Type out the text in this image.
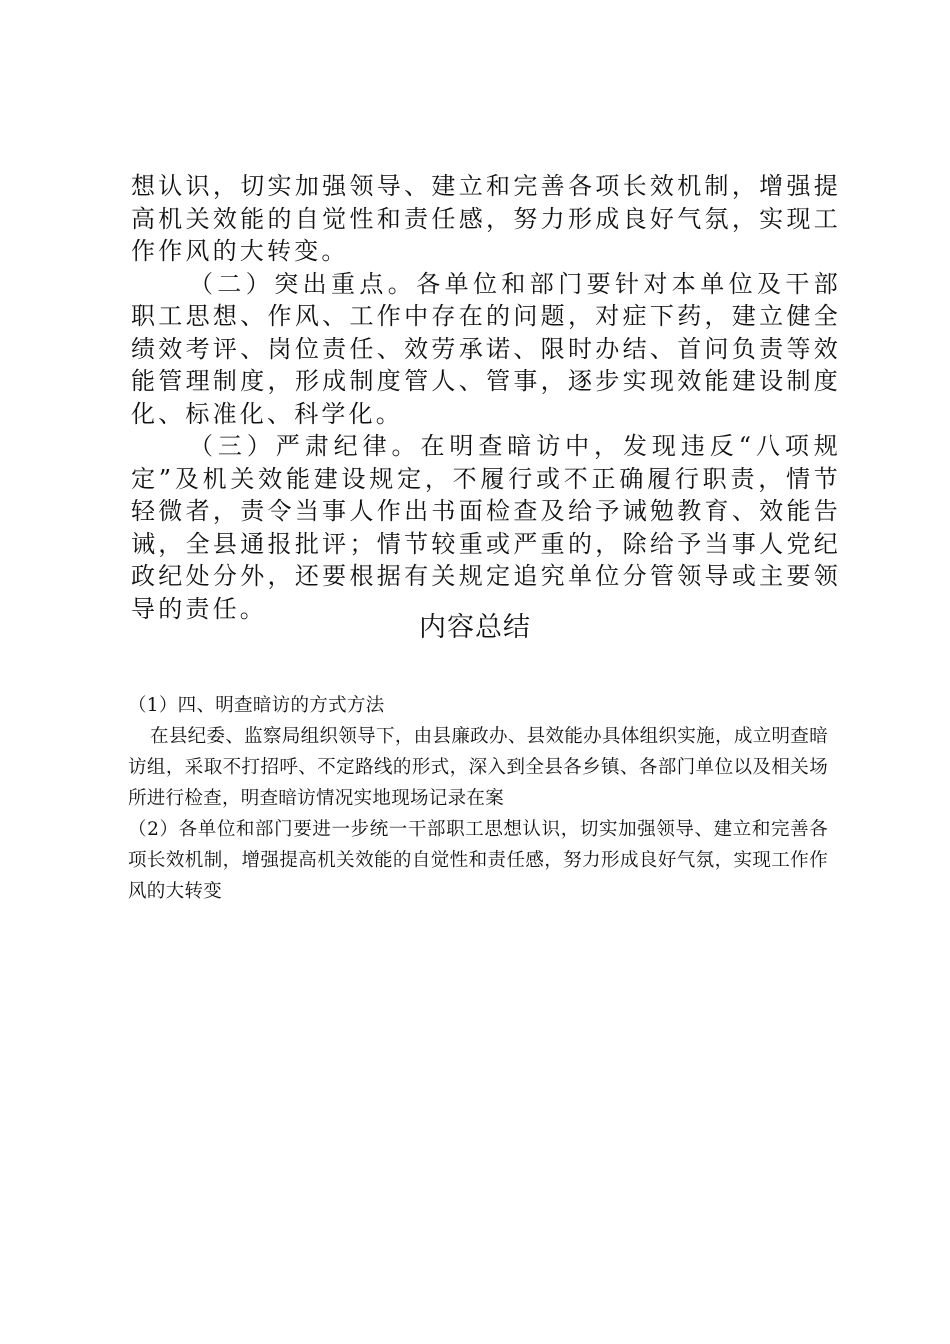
想认识，切实加强领导、建立和完善各项长效机制，增强提高机关效能的自觉性和责任感，努力形成良好气氛，实现工作作风的大转变。

（二）突出重点。各单位和部门要针对本单位及干部职工思想、作风、工作中存在的问题，对症下药，建立健全绩效考评、岗位责任、效劳承诺、限时办结、首问负责等效能管理制度，形成制度管人、管事，逐步实现效能建设制度化、标准化、科学化。

（三）严肃纪律。在明查暗访中，发现违反“八项规定”及机关效能建设规定，不履行或不正确履行职责，情节轻微者，责令当事人作出书面检查及给予诫勉教育、效能告诫，全县通报批评；情节较重或严重的，除给予当事人党纪政纪处分外，还要根据有关规定追究单位分管领导或主要领导的责任。

内容总结

（1）四、明查暗访的方式方法

在县纪委、监察局组织领导下，由县廉政办、县效能办具体组织实施，成立明查暗访组，采取不打招呼、不定路线的形式，深入到全县各乡镇、各部门单位以及相关场所进行检查，明查暗访情况实地现场记录在案

（2）各单位和部门要进一步统一干部职工思想认识，切实加强领导、建立和完善各项长效机制，增强提高机关效能的自觉性和责任感，努力形成良好气氛，实现工作作风的大转变
